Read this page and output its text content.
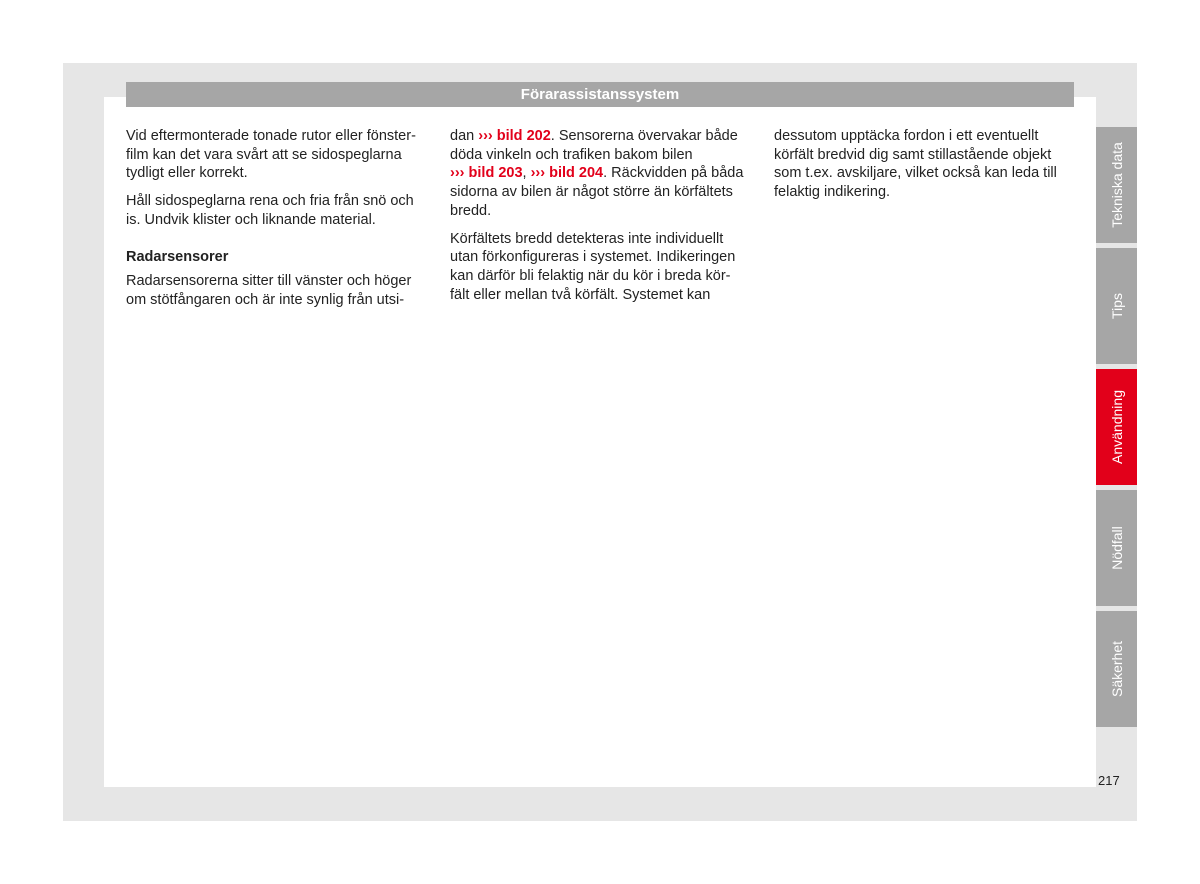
Förarassistanssystem

Vid eftermonterade tonade rutor eller fönster-
film kan det vara svårt att se sidospeglarna
tydligt eller korrekt.

Håll sidospeglarna rena och fria från snö och
is. Undvik klister och liknande material.

Radarsensorer

Radarsensorerna sitter till vänster och höger
om stötfångaren och är inte synlig från utsi-

dan ››› bild 202. Sensorerna övervakar både
döda vinkeln och trafiken bakom bilen
››› bild 203, ››› bild 204. Räckvidden på båda
sidorna av bilen är något större än körfältets
bredd.

Körfältets bredd detekteras inte individuellt
utan förkonfigureras i systemet. Indikeringen
kan därför bli felaktig när du kör i breda kör-
fält eller mellan två körfält. Systemet kan

dessutom upptäcka fordon i ett eventuellt
körfält bredvid dig samt stillastående objekt
som t.ex. avskiljare, vilket också kan leda till
felaktig indikering.	Tekniska data
Tips
Användning
Nödfall
Säkerhet
217
